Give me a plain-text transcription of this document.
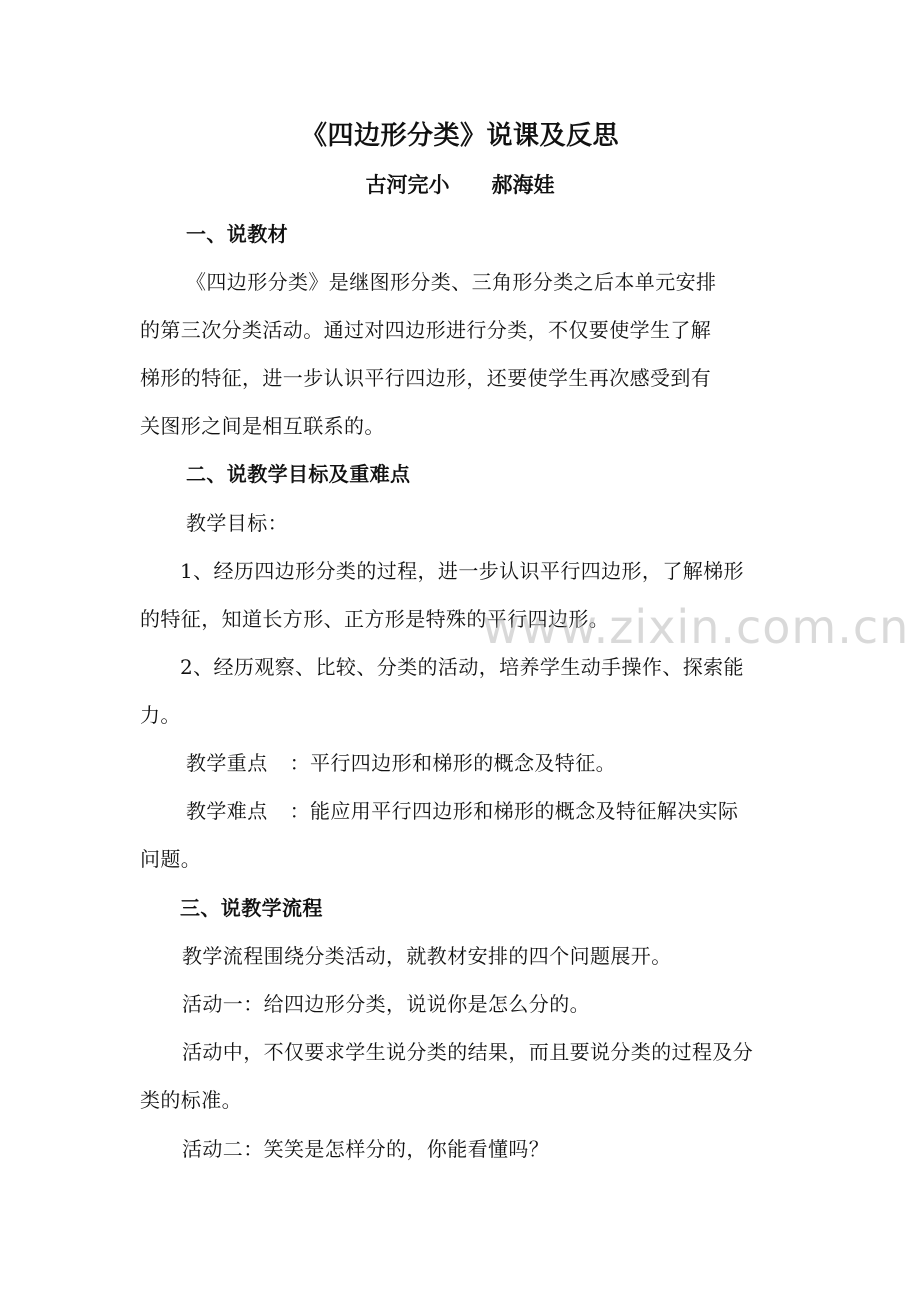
《四边形分类》说课及反思
古河完小 郝海娃
一、说教材
《四边形分类》是继图形分类、三角形分类之后本单元安排
的第三次分类活动。通过对四边形进行分类，不仅要使学生了解
梯形的特征，进一步认识平行四边形，还要使学生再次感受到有
关图形之间是相互联系的。
二、说教学目标及重难点
教学目标：
1、经历四边形分类的过程，进一步认识平行四边形，了解梯形
的特征，知道长方形、正方形是特殊的平行四边形。
2、经历观察、比较、分类的活动，培养学生动手操作、探索能
力。
教学重点 ：平行四边形和梯形的概念及特征。
教学难点 ：能应用平行四边形和梯形的概念及特征解决实际
问题。
三、说教学流程
教学流程围绕分类活动，就教材安排的四个问题展开。
活动一：给四边形分类，说说你是怎么分的。
活动中，不仅要求学生说分类的结果，而且要说分类的过程及分
类的标准。
活动二：笑笑是怎样分的，你能看懂吗？
www.zixin.com.cn
